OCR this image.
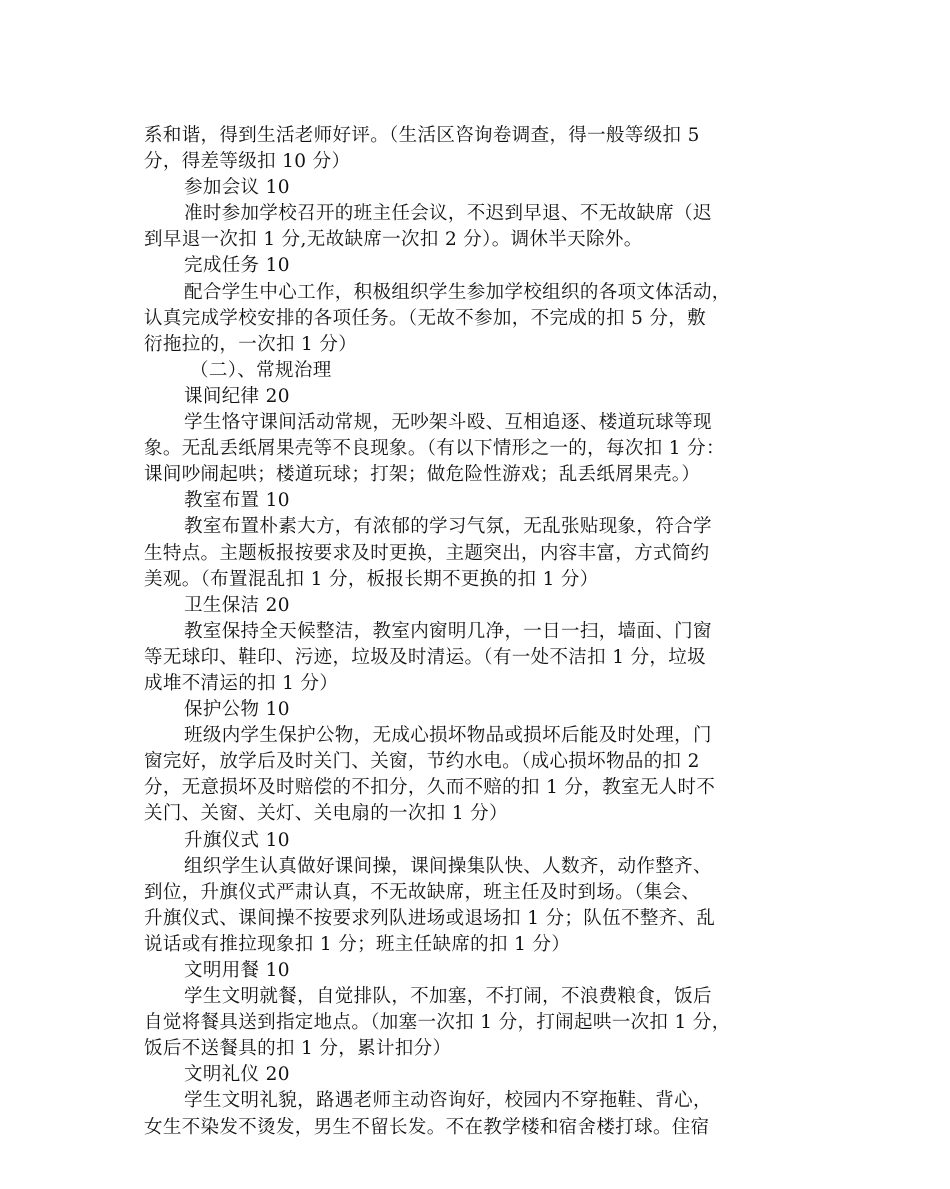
系和谐，得到生活老师好评。（生活区咨询卷调查，得一般等级扣 5
分，得差等级扣 10 分）
参加会议 10
准时参加学校召开的班主任会议，不迟到早退、不无故缺席（迟
到早退一次扣 1 分,无故缺席一次扣 2 分）。调休半天除外。
完成任务 10
配合学生中心工作，积极组织学生参加学校组织的各项文体活动，
认真完成学校安排的各项任务。（无故不参加，不完成的扣 5 分，敷
衍拖拉的，一次扣 1 分）
（二）、常规治理
课间纪律 20
学生恪守课间活动常规，无吵架斗殴、互相追逐、楼道玩球等现
象。无乱丢纸屑果壳等不良现象。（有以下情形之一的，每次扣 1 分：
课间吵闹起哄；楼道玩球；打架；做危险性游戏；乱丢纸屑果壳。）
教室布置 10
教室布置朴素大方，有浓郁的学习气氛，无乱张贴现象，符合学
生特点。主题板报按要求及时更换，主题突出，内容丰富，方式简约
美观。（布置混乱扣 1 分，板报长期不更换的扣 1 分）
卫生保洁 20
教室保持全天候整洁，教室内窗明几净，一日一扫，墙面、门窗
等无球印、鞋印、污迹，垃圾及时清运。（有一处不洁扣 1 分，垃圾
成堆不清运的扣 1 分）
保护公物 10
班级内学生保护公物，无成心损坏物品或损坏后能及时处理，门
窗完好，放学后及时关门、关窗，节约水电。（成心损坏物品的扣 2
分，无意损坏及时赔偿的不扣分，久而不赔的扣 1 分，教室无人时不
关门、关窗、关灯、关电扇的一次扣 1 分）
升旗仪式 10
组织学生认真做好课间操，课间操集队快、人数齐，动作整齐、
到位，升旗仪式严肃认真，不无故缺席，班主任及时到场。（集会、
升旗仪式、课间操不按要求列队进场或退场扣 1 分；队伍不整齐、乱
说话或有推拉现象扣 1 分；班主任缺席的扣 1 分）
文明用餐 10
学生文明就餐，自觉排队，不加塞，不打闹，不浪费粮食，饭后
自觉将餐具送到指定地点。（加塞一次扣 1 分，打闹起哄一次扣 1 分，
饭后不送餐具的扣 1 分，累计扣分）
文明礼仪 20
学生文明礼貌，路遇老师主动咨询好，校园内不穿拖鞋、背心，
女生不染发不烫发，男生不留长发。不在教学楼和宿舍楼打球。住宿
